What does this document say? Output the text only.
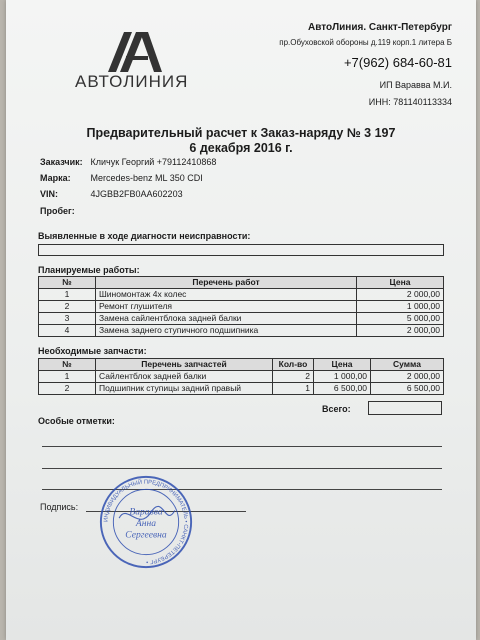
АВТОЛИНИЯ
АвтоЛиния. Санкт-Петербург
пр.Обуховской обороны д.119 корп.1 литера Б
+7(962) 684-60-81
ИП Варавва М.И.
ИНН: 781140113334
Предварительный расчет к Заказ-наряду № 3 197
6 декабря 2016 г.
Заказчик: Кличук Георгий +79112410868
Марка: Mercedes-benz ML 350 CDI
VIN:	4JGBB2FB0AA602203
Пробег:
Выявленные в ходе диагности неисправности:
Планируемые работы:
№	Перечень работ	Цена
1	Шиномонтаж 4х колес	2 000,00
2	Ремонт глушителя	1 000,00
3	Замена сайлентблока задней балки	5 000,00
4	Замена заднего ступичного подшипника	2 000,00
Необходимые запчасти:
№	Перечень запчастей	Кол-во	Цена	Сумма
1	Сайлентблок задней балки	2	1 000,00	2 000,00
2	Подшипник ступицы задний правый	1	6 500,00	6 500,00
Всего:
Особые отметки:
Подпись:
ИНДИВИДУАЛЬНЫЙ ПРЕДПРИНИМАТЕЛЬ • САНКТ-ПЕТЕРБУРГ •
Варавва
Анна
Сергеевна
